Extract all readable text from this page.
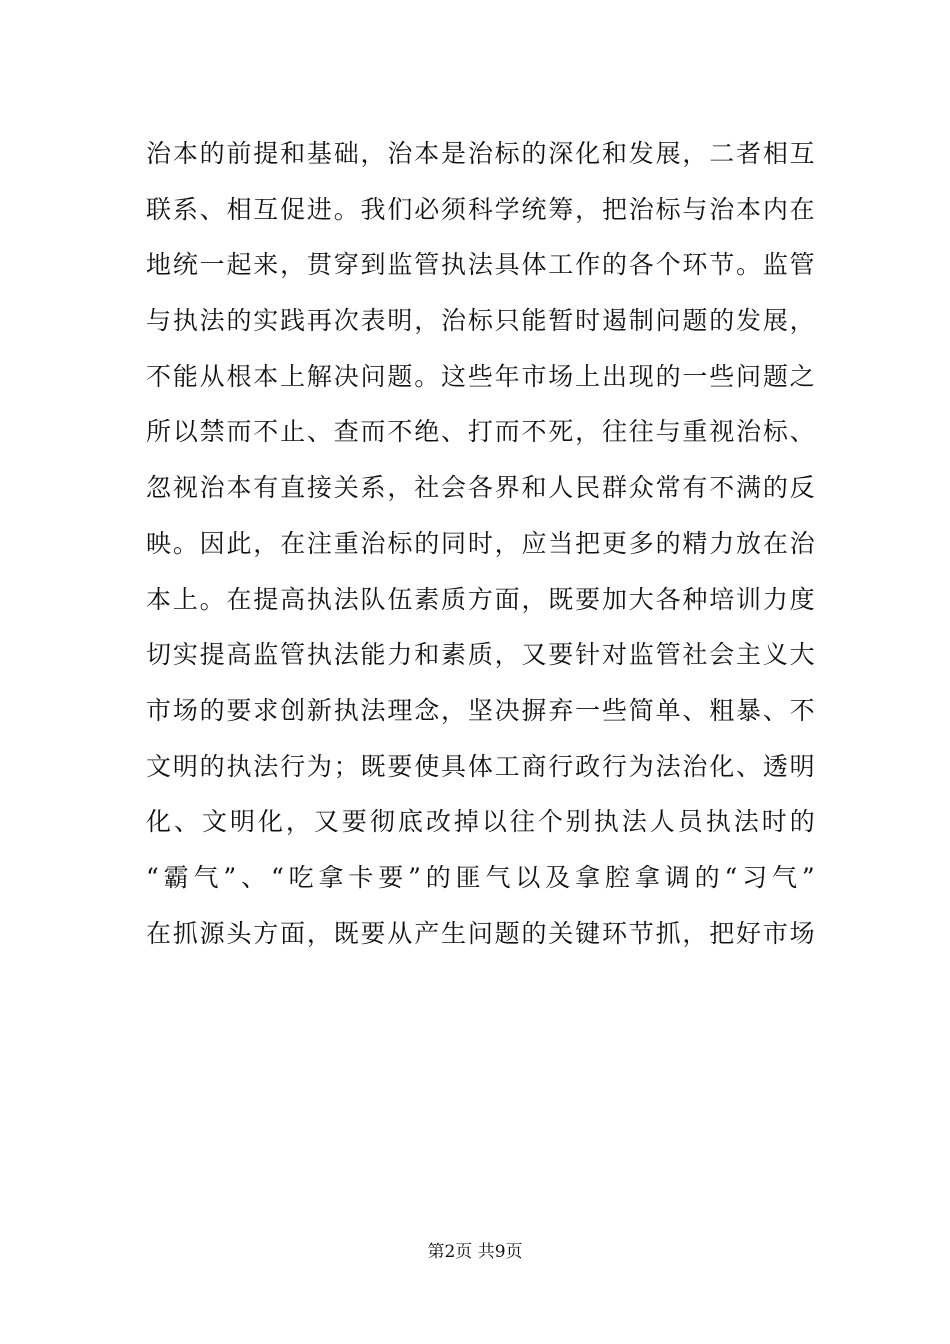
治本的前提和基础，治本是治标的深化和发展，二者相互
联系、相互促进。我们必须科学统筹，把治标与治本内在
地统一起来，贯穿到监管执法具体工作的各个环节。监管
与执法的实践再次表明，治标只能暂时遏制问题的发展，
不能从根本上解决问题。这些年市场上出现的一些问题之
所以禁而不止、查而不绝、打而不死，往往与重视治标、
忽视治本有直接关系，社会各界和人民群众常有不满的反
映。因此，在注重治标的同时，应当把更多的精力放在治
本上。在提高执法队伍素质方面，既要加大各种培训力度
切实提高监管执法能力和素质，又要针对监管社会主义大
市场的要求创新执法理念，坚决摒弃一些简单、粗暴、不
文明的执法行为；既要使具体工商行政行为法治化、透明
化、文明化，又要彻底改掉以往个别执法人员执法时的
“霸气”、“吃拿卡要”的匪气以及拿腔拿调的“习气”
在抓源头方面，既要从产生问题的关键环节抓，把好市场
第2页 共9页
